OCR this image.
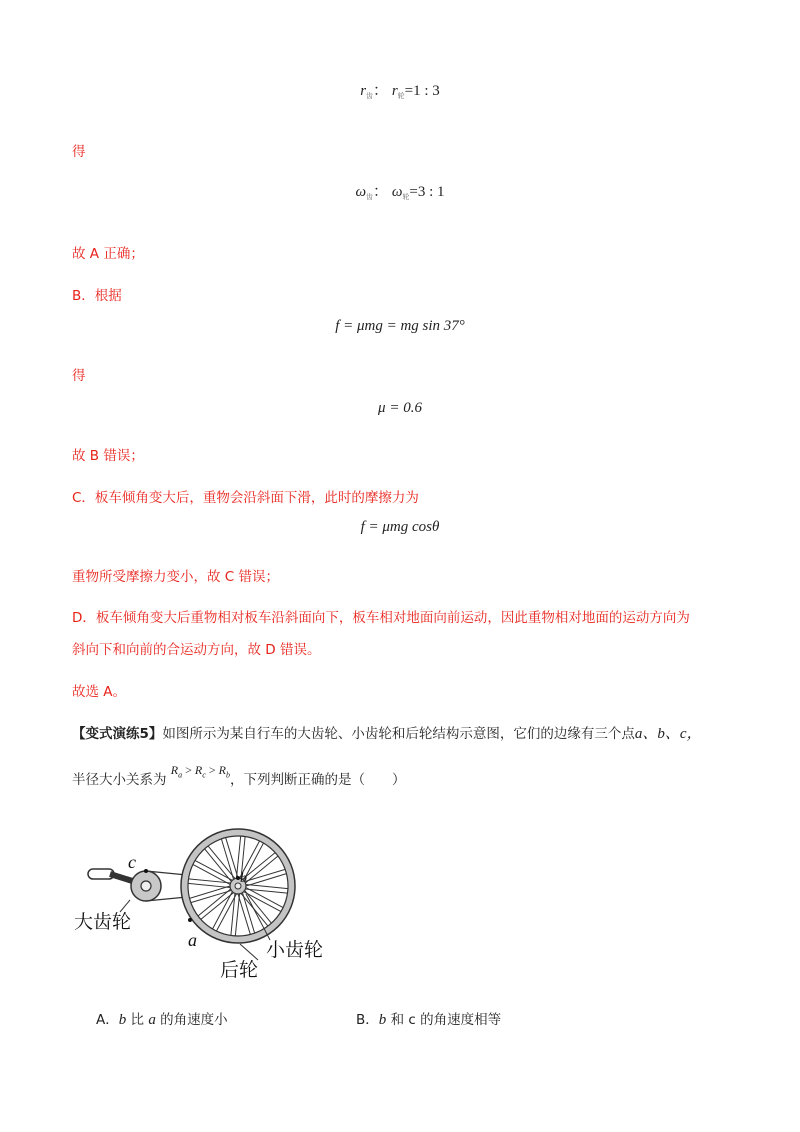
$r_齿$： $r_轮=1$ : 3
得
$\omega_齿$： $\omega_轮=3$ : 1
故 A 正确；
B．根据
f = μmg = mg sin 37°
得
μ = 0.6
故 B 错误；
C．板车倾角变大后，重物会沿斜面下滑，此时的摩擦力为
f = μmg cosθ
重物所受摩擦力变小，故 C 错误；
D．板车倾角变大后重物相对板车沿斜面向下，板车相对地面向前运动，因此重物相对地面的运动方向为
斜向下和向前的合运动方向，故 D 错误。
故选 A。
【变式演练5】如图所示为某自行车的大齿轮、小齿轮和后轮结构示意图，它们的边缘有三个点a、b、c，
半径大小关系为 $R_a > R_c > R_b$，下列判断正确的是（　　）
c
b
a
大齿轮
小齿轮
后轮
A．b 比 a 的角速度小	B．b 和 c 的角速度相等
